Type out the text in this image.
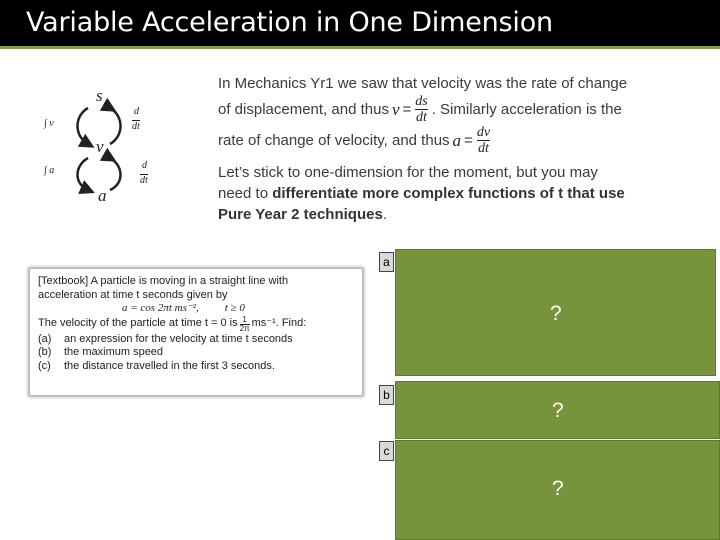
Variable Acceleration in One Dimension
s
v
a
∫ v
∫ a
d
dt
d
dt
In Mechanics Yr1 we saw that velocity was the rate of change
of displacement, and thus $v = \frac{ds}{dt}$ . Similarly acceleration is the
rate of change of velocity, and thus $a = \frac{dv}{dt}$
Let’s stick to one-dimension for the moment, but you may
need to
differentiate more complex functions of t that use
Pure Year 2 techniques .
[Textbook] A particle is moving in a straight line with
acceleration at time t seconds given by
a = cos 2πt ms⁻², t ≥ 0
The velocity of the particle at time t = 0 is 1
2π ms⁻¹. Find:
(a)	an expression for the velocity at time t seconds
(b)	the maximum speed
(c)	the distance travelled in the first 3 seconds.
?
a
?
b
?
c
